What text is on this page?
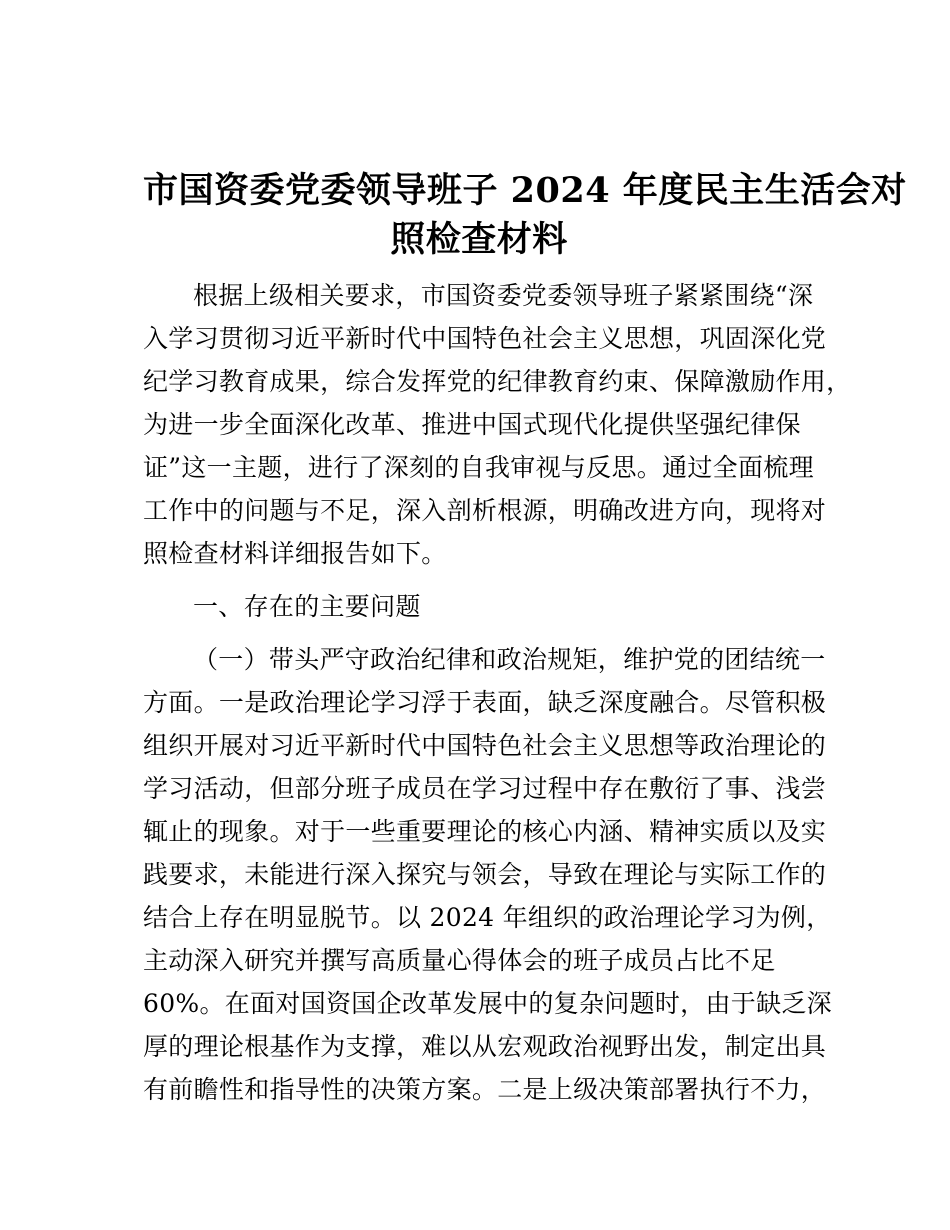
市国资委党委领导班子 2024 年度民主生活会对
照检查材料
根据上级相关要求，市国资委党委领导班子紧紧围绕“深
入学习贯彻习近平新时代中国特色社会主义思想，巩固深化党
纪学习教育成果，综合发挥党的纪律教育约束、保障激励作用，
为进一步全面深化改革、推进中国式现代化提供坚强纪律保
证”这一主题，进行了深刻的自我审视与反思。通过全面梳理
工作中的问题与不足，深入剖析根源，明确改进方向，现将对
照检查材料详细报告如下。
一、存在的主要问题
（一）带头严守政治纪律和政治规矩，维护党的团结统一
方面。一是政治理论学习浮于表面，缺乏深度融合。尽管积极
组织开展对习近平新时代中国特色社会主义思想等政治理论的
学习活动，但部分班子成员在学习过程中存在敷衍了事、浅尝
辄止的现象。对于一些重要理论的核心内涵、精神实质以及实
践要求，未能进行深入探究与领会，导致在理论与实际工作的
结合上存在明显脱节。以 2024 年组织的政治理论学习为例，
主动深入研究并撰写高质量心得体会的班子成员占比不足
60%。在面对国资国企改革发展中的复杂问题时，由于缺乏深
厚的理论根基作为支撑，难以从宏观政治视野出发，制定出具
有前瞻性和指导性的决策方案。二是上级决策部署执行不力，
